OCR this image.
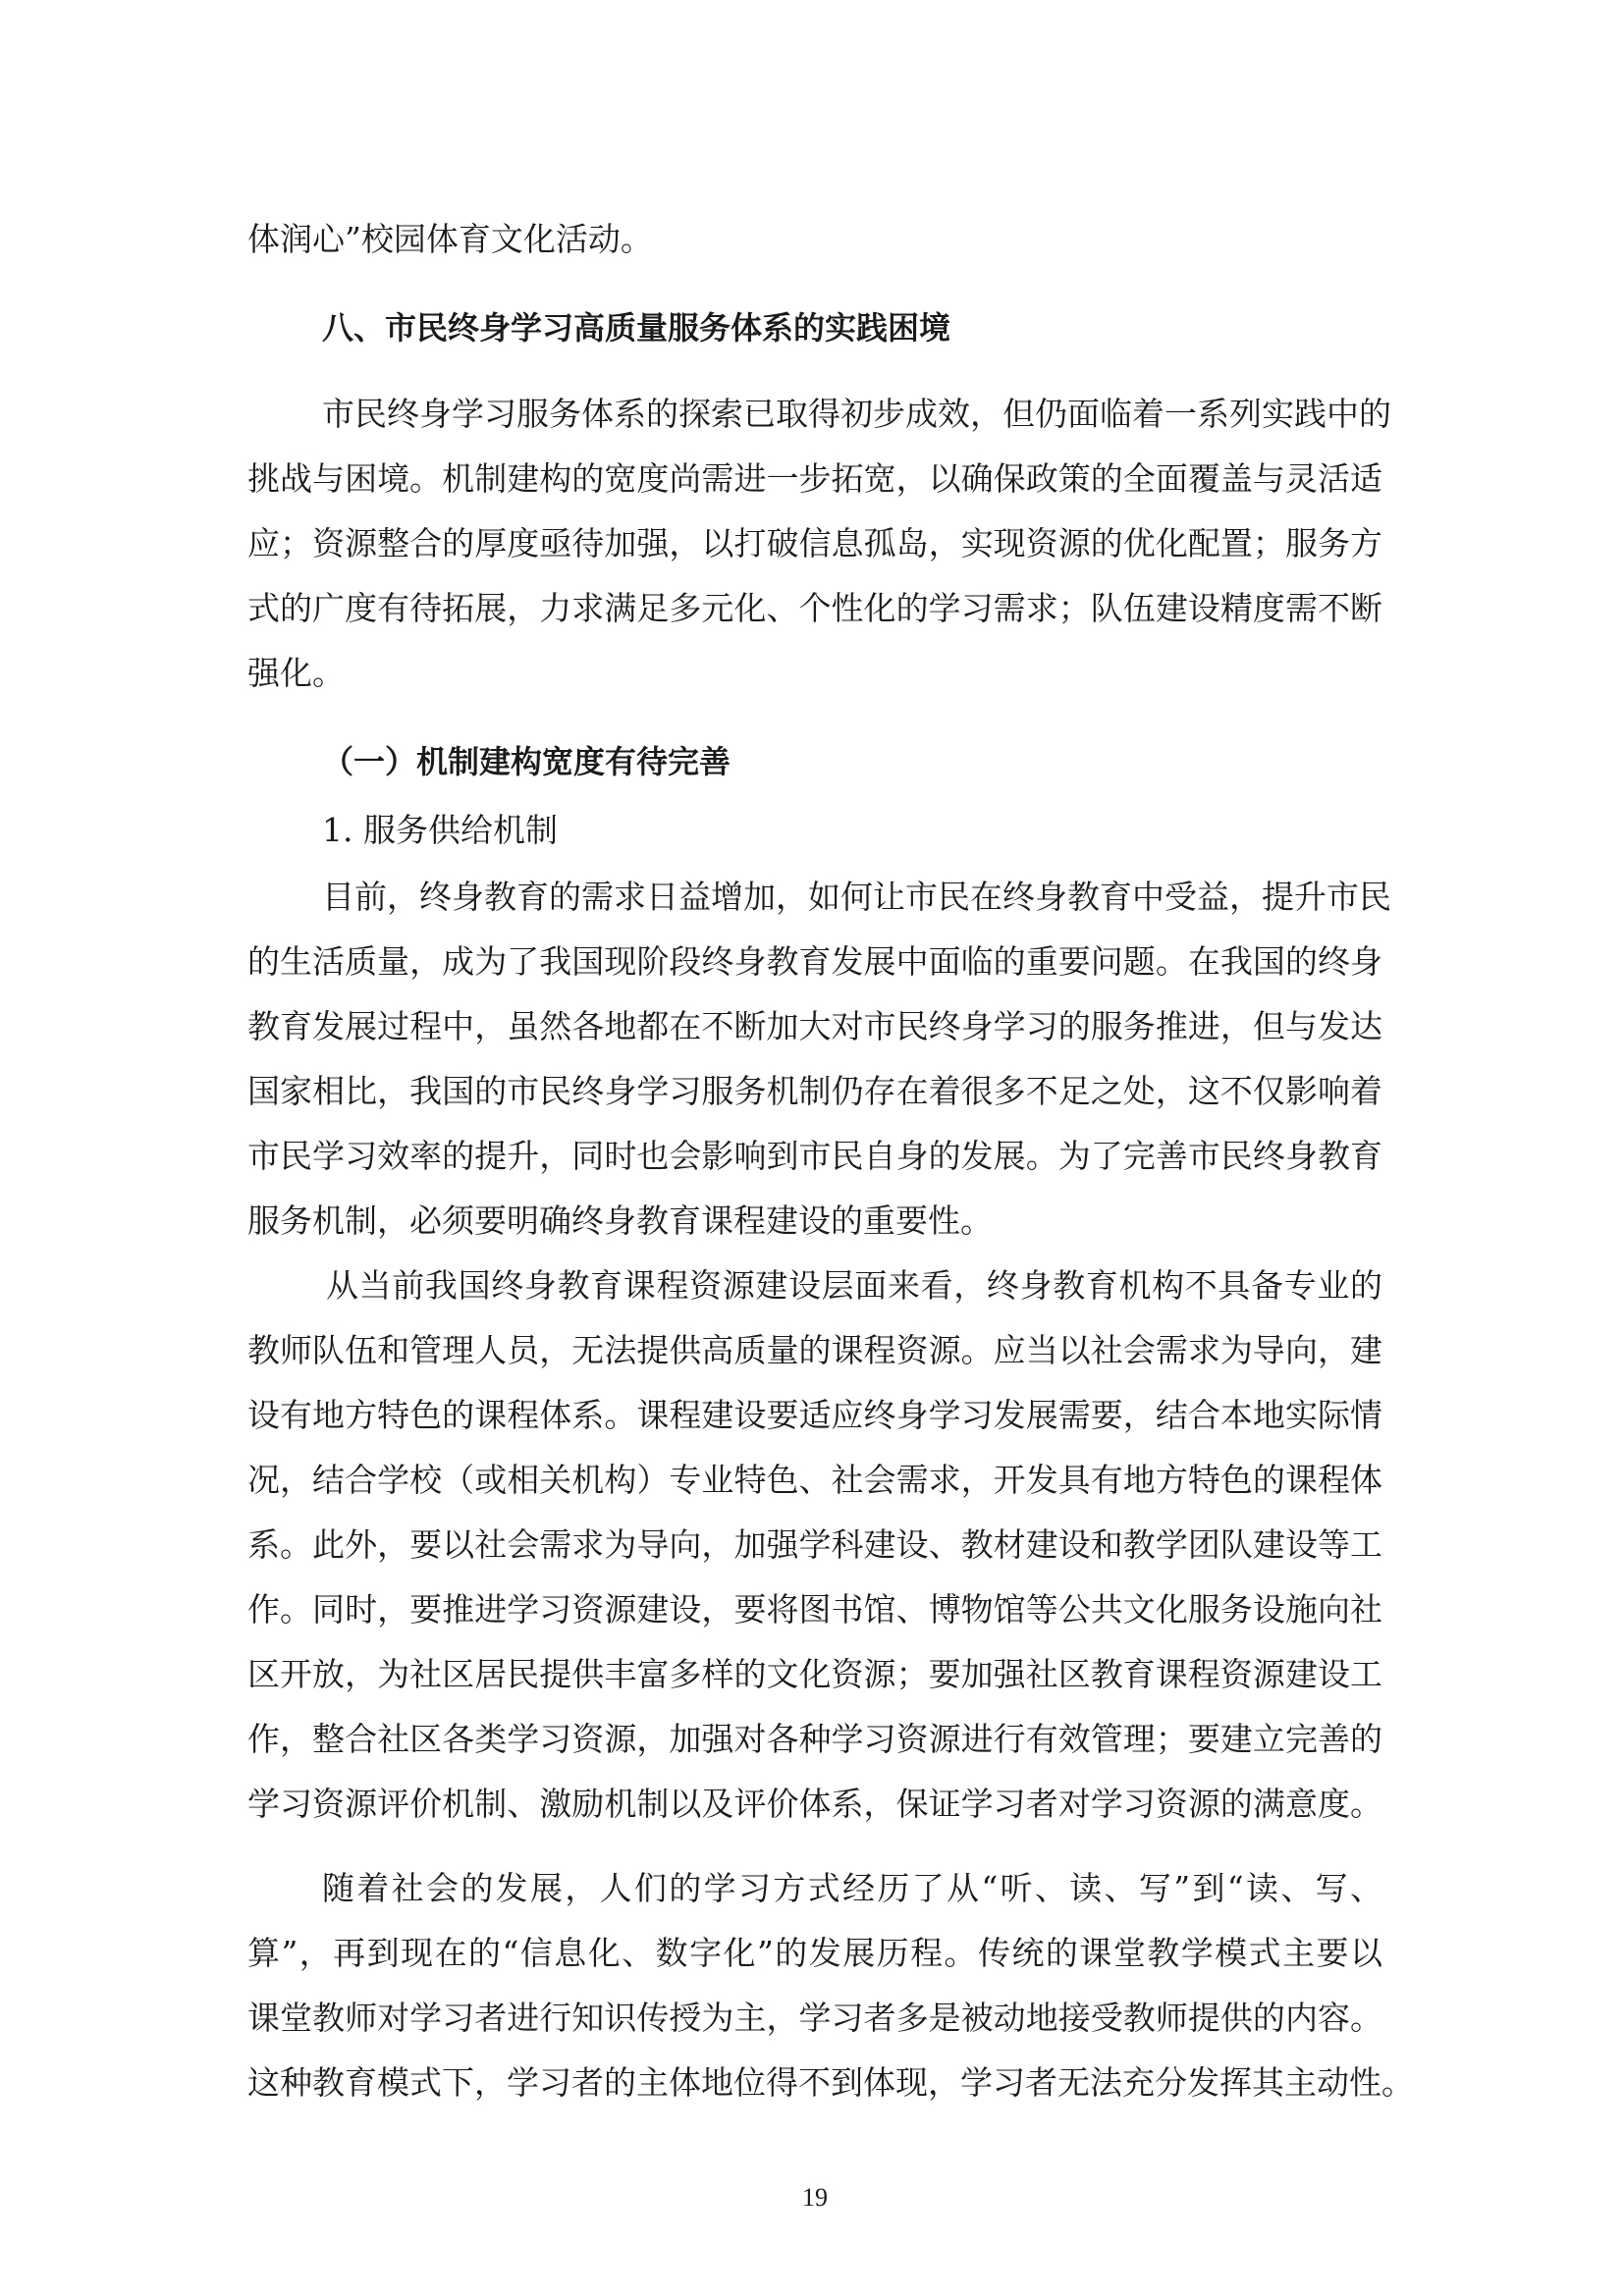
体润心”校园体育文化活动。
八、市民终身学习高质量服务体系的实践困境
市民终身学习服务体系的探索已取得初步成效，但仍面临着一系列实践中的
挑战与困境。机制建构的宽度尚需进一步拓宽，以确保政策的全面覆盖与灵活适
应；资源整合的厚度亟待加强，以打破信息孤岛，实现资源的优化配置；服务方
式的广度有待拓展，力求满足多元化、个性化的学习需求；队伍建设精度需不断
强化。
（一）机制建构宽度有待完善
1. 服务供给机制
目前，终身教育的需求日益增加，如何让市民在终身教育中受益，提升市民
的生活质量，成为了我国现阶段终身教育发展中面临的重要问题。在我国的终身
教育发展过程中，虽然各地都在不断加大对市民终身学习的服务推进，但与发达
国家相比，我国的市民终身学习服务机制仍存在着很多不足之处，这不仅影响着
市民学习效率的提升，同时也会影响到市民自身的发展。为了完善市民终身教育
服务机制，必须要明确终身教育课程建设的重要性。
从当前我国终身教育课程资源建设层面来看，终身教育机构不具备专业的
教师队伍和管理人员，无法提供高质量的课程资源。应当以社会需求为导向，建
设有地方特色的课程体系。课程建设要适应终身学习发展需要，结合本地实际情
况，结合学校（或相关机构）专业特色、社会需求，开发具有地方特色的课程体
系。此外，要以社会需求为导向，加强学科建设、教材建设和教学团队建设等工
作。同时，要推进学习资源建设，要将图书馆、博物馆等公共文化服务设施向社
区开放，为社区居民提供丰富多样的文化资源；要加强社区教育课程资源建设工
作，整合社区各类学习资源，加强对各种学习资源进行有效管理；要建立完善的
学习资源评价机制、激励机制以及评价体系，保证学习者对学习资源的满意度。
随着社会的发展，人们的学习方式经历了从“听、读、写”到“读、写、
算”，再到现在的“信息化、数字化”的发展历程。传统的课堂教学模式主要以
课堂教师对学习者进行知识传授为主，学习者多是被动地接受教师提供的内容。
这种教育模式下，学习者的主体地位得不到体现，学习者无法充分发挥其主动性。
19
